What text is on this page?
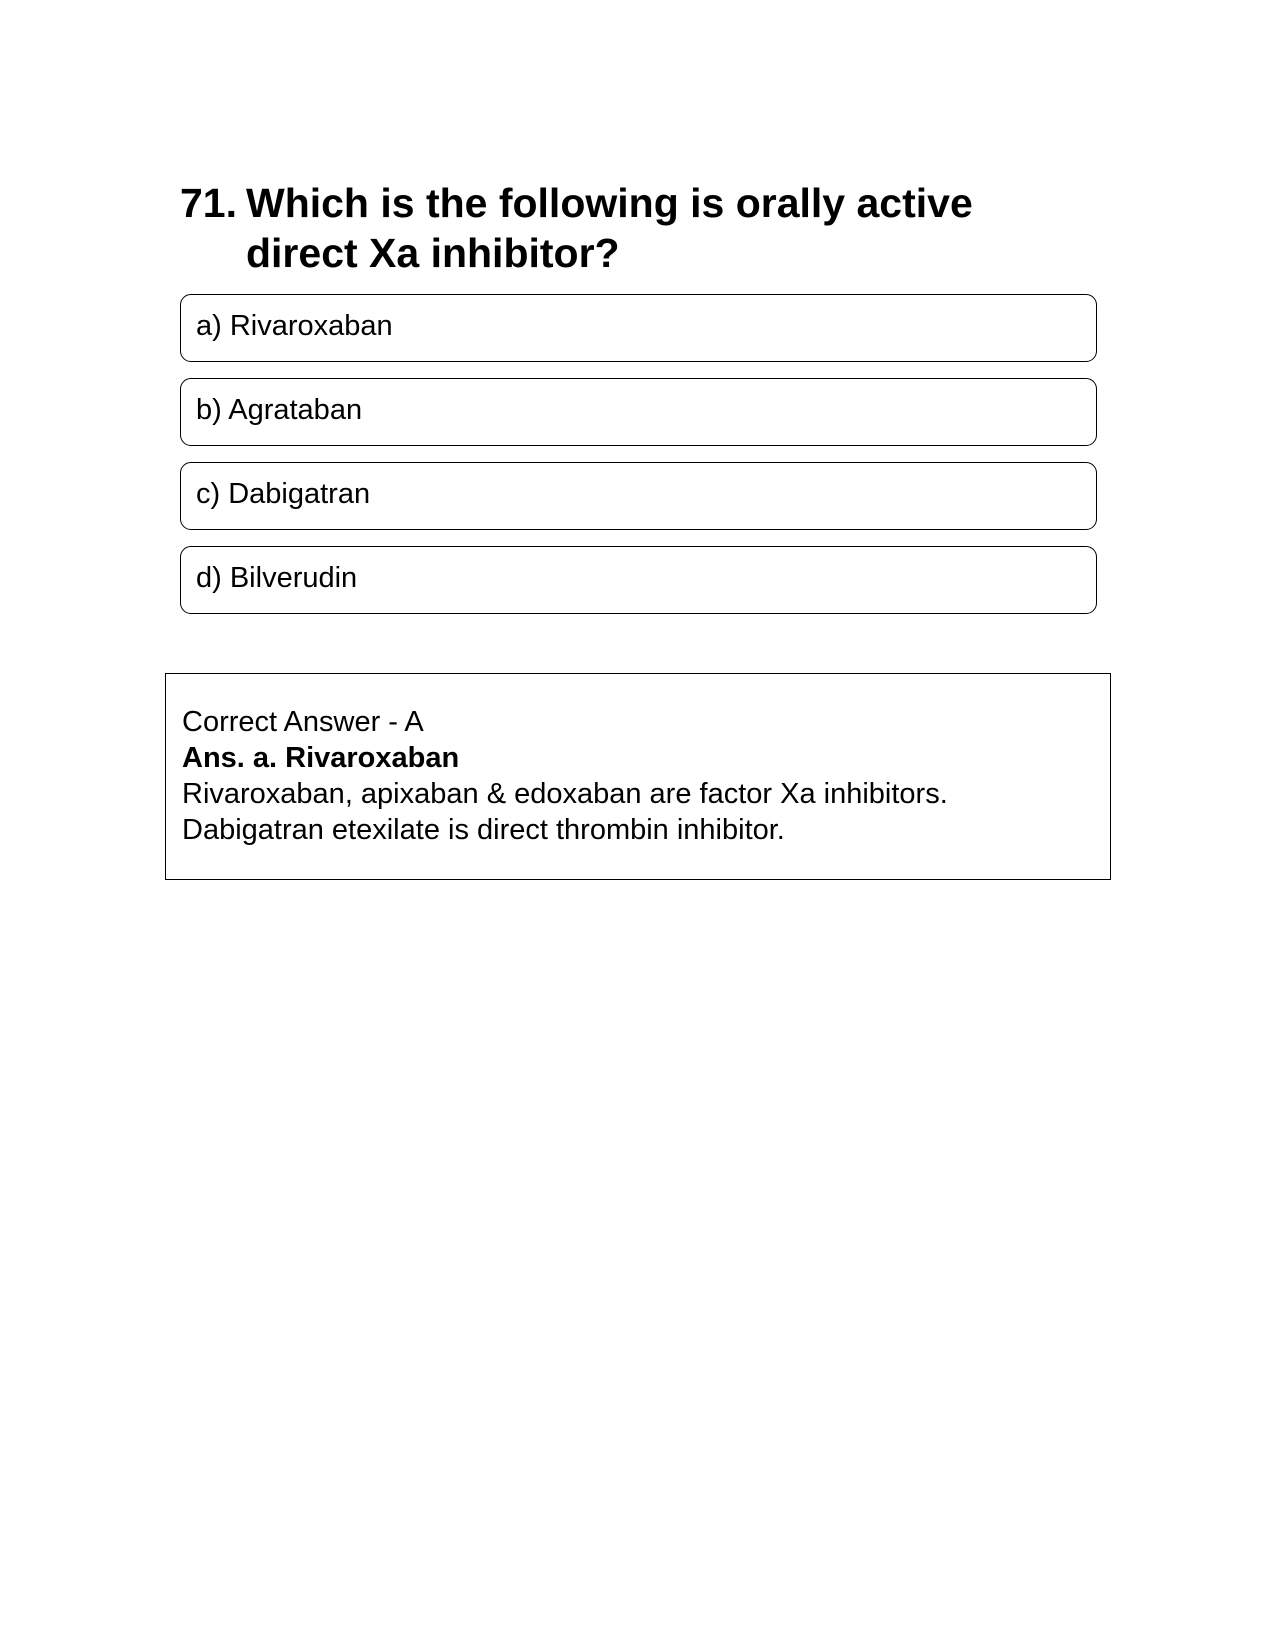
71. Which is the following is orally active direct Xa inhibitor?
a) Rivaroxaban
b) Agrataban
c) Dabigatran
d) Bilverudin
Correct Answer - A
Ans. a. Rivaroxaban
Rivaroxaban, apixaban & edoxaban are factor Xa inhibitors.
Dabigatran etexilate is direct thrombin inhibitor.
